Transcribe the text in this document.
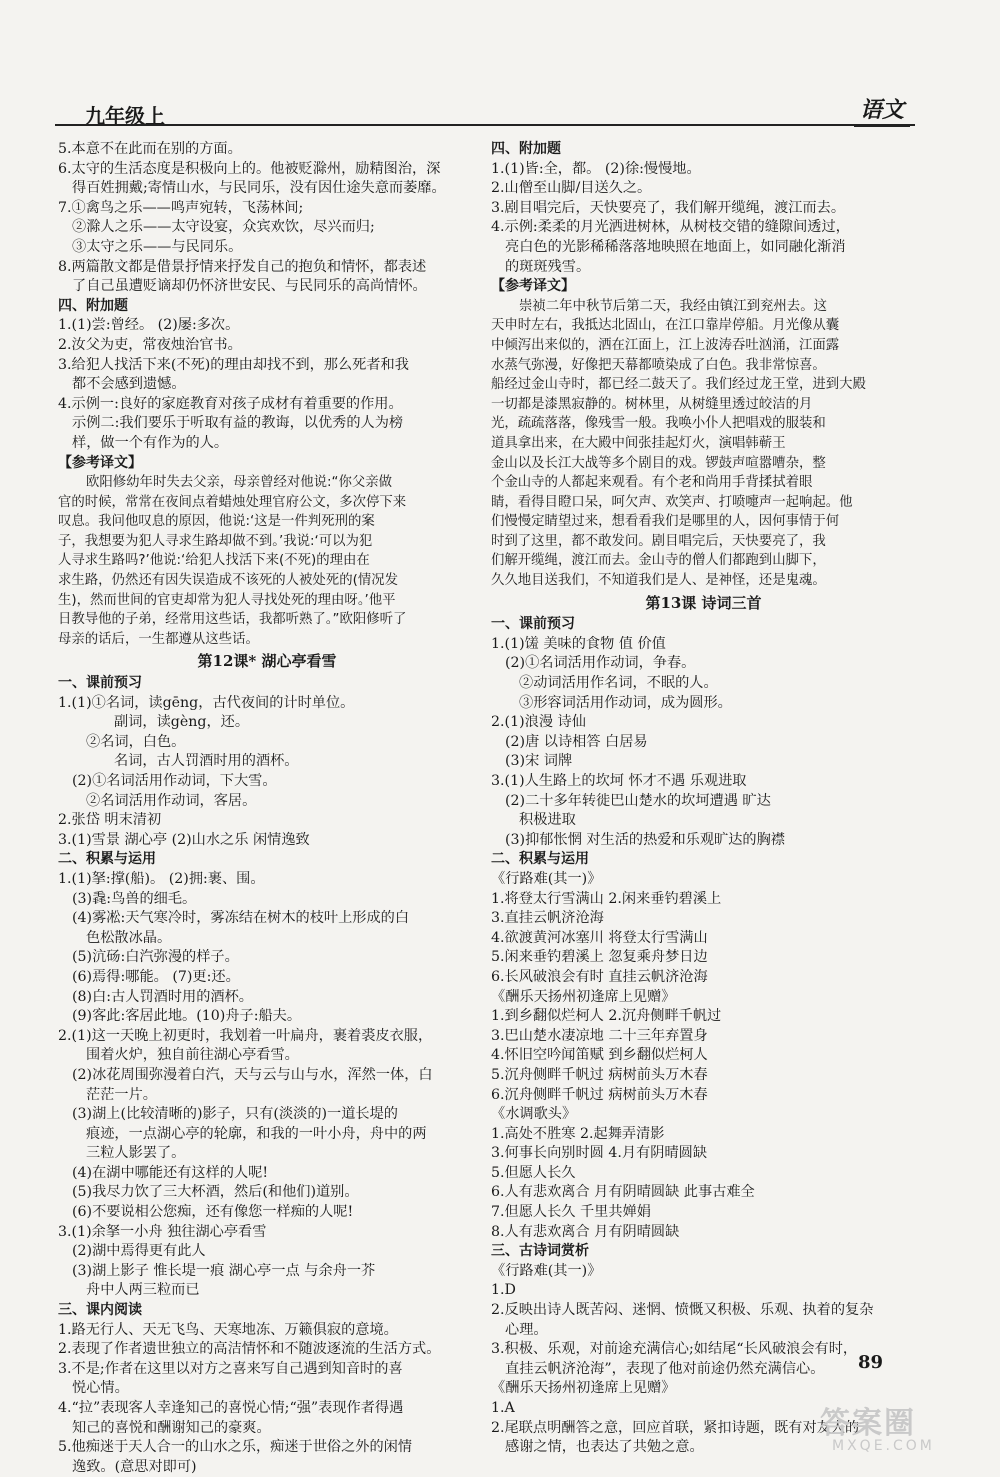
九年级上	语文
5.本意不在此而在别的方面。
6.太守的生活态度是积极向上的。他被贬滁州，励精图治，深
得百姓拥戴;寄情山水，与民同乐，没有因仕途失意而萎靡。
7.①禽鸟之乐——鸣声宛转，飞荡林间;
②滁人之乐——太守设宴，众宾欢饮，尽兴而归;
③太守之乐——与民同乐。
8.两篇散文都是借景抒情来抒发自己的抱负和情怀，都表述
了自己虽遭贬谪却仍怀济世安民、与民同乐的高尚情怀。
四、附加题
1.(1)尝:曾经。 (2)屡:多次。
2.汝父为吏，常夜烛治官书。
3.给犯人找活下来(不死)的理由却找不到，那么死者和我
都不会感到遗憾。
4.示例一:良好的家庭教育对孩子成材有着重要的作用。
示例二:我们要乐于听取有益的教诲，以优秀的人为榜
样，做一个有作为的人。
【参考译文】
欧阳修幼年时失去父亲，母亲曾经对他说:“你父亲做
官的时候，常常在夜间点着蜡烛处理官府公文，多次停下来
叹息。我问他叹息的原因，他说:‘这是一件判死刑的案
子，我想要为犯人寻求生路却做不到。’我说:‘可以为犯
人寻求生路吗?’他说:‘给犯人找活下来(不死)的理由在
求生路，仍然还有因失误造成不该死的人被处死的(情况发
生)，然而世间的官吏却常为犯人寻找处死的理由呀。’他平
日教导他的子弟，经常用这些话，我都听熟了。”欧阳修听了
母亲的话后，一生都遵从这些话。
第12课* 湖心亭看雪
一、课前预习
1.(1)①名词，读gēng，古代夜间的计时单位。
副词，读gèng，还。
②名词，白色。
名词，古人罚酒时用的酒杯。
(2)①名词活用作动词，下大雪。
②名词活用作动词，客居。
2.张岱 明末清初
3.(1)雪景 湖心亭 (2)山水之乐 闲情逸致
二、积累与运用
1.(1)拏:撑(船)。 (2)拥:裹、围。
(3)毳:鸟兽的细毛。
(4)雾凇:天气寒冷时，雾冻结在树木的枝叶上形成的白
色松散冰晶。
(5)沆砀:白汽弥漫的样子。
(6)焉得:哪能。 (7)更:还。
(8)白:古人罚酒时用的酒杯。
(9)客此:客居此地。(10)舟子:船夫。
2.(1)这一天晚上初更时，我划着一叶扁舟，裹着裘皮衣服，
围着火炉，独自前往湖心亭看雪。
(2)冰花周围弥漫着白汽，天与云与山与水，浑然一体，白
茫茫一片。
(3)湖上(比较清晰的)影子，只有(淡淡的)一道长堤的
痕迹，一点湖心亭的轮廓，和我的一叶小舟，舟中的两
三粒人影罢了。
(4)在湖中哪能还有这样的人呢!
(5)我尽力饮了三大杯酒，然后(和他们)道别。
(6)不要说相公您痴，还有像您一样痴的人呢!
3.(1)余拏一小舟 独往湖心亭看雪
(2)湖中焉得更有此人
(3)湖上影子 惟长堤一痕 湖心亭一点 与余舟一芥
舟中人两三粒而已
三、课内阅读
1.路无行人、天无飞鸟、天寒地冻、万籁俱寂的意境。
2.表现了作者遗世独立的高洁情怀和不随波逐流的生活方式。
3.不是;作者在这里以对方之喜来写自己遇到知音时的喜
悦心情。
4.“拉”表现客人幸逢知己的喜悦心情;“强”表现作者得遇
知己的喜悦和酬谢知己的豪爽。
5.他痴迷于天人合一的山水之乐，痴迷于世俗之外的闲情
逸致。(意思对即可)
四、附加题
1.(1)皆:全，都。 (2)徐:慢慢地。
2.山僧至山脚/目送久之。
3.剧目唱完后，天快要亮了，我们解开缆绳，渡江而去。
4.示例:柔柔的月光洒进树林，从树枝交错的缝隙间透过，
亮白色的光影稀稀落落地映照在地面上，如同融化渐消
的斑斑残雪。
【参考译文】
崇祯二年中秋节后第二天，我经由镇江到兖州去。这
天申时左右，我抵达北固山，在江口靠岸停船。月光像从囊
中倾泻出来似的，洒在江面上，江上波涛吞吐汹涌，江面露
水蒸气弥漫，好像把天幕都喷染成了白色。我非常惊喜。
船经过金山寺时，都已经二鼓天了。我们经过龙王堂，进到大殿
一切都是漆黑寂静的。树林里，从树缝里透过皎洁的月
光，疏疏落落，像残雪一般。我唤小仆人把唱戏的服装和
道具拿出来，在大殿中间张挂起灯火，演唱韩蕲王
金山以及长江大战等多个剧目的戏。锣鼓声喧嚣嘈杂，整
个金山寺的人都起来观看。有个老和尚用手背揉拭着眼
睛，看得目瞪口呆，呵欠声、欢笑声、打喷嚏声一起响起。他
们慢慢定睛望过来，想看看我们是哪里的人，因何事情于何
时到了这里，都不敢发问。剧目唱完后，天快要亮了，我
们解开缆绳，渡江而去。金山寺的僧人们都跑到山脚下，
久久地目送我们，不知道我们是人、是神怪，还是鬼魂。
第13课 诗词三首
一、课前预习
1.(1)馐 美味的食物 值 价值
(2)①名词活用作动词，争春。
②动词活用作名词，不眠的人。
③形容词活用作动词，成为圆形。
2.(1)浪漫 诗仙
(2)唐 以诗相答 白居易
(3)宋 词牌
3.(1)人生路上的坎坷 怀才不遇 乐观进取
(2)二十多年转徙巴山楚水的坎坷遭遇 旷达
积极进取
(3)抑郁怅惘 对生活的热爱和乐观旷达的胸襟
二、积累与运用
《行路难(其一)》
1.将登太行雪满山 2.闲来垂钓碧溪上
3.直挂云帆济沧海
4.欲渡黄河冰塞川 将登太行雪满山
5.闲来垂钓碧溪上 忽复乘舟梦日边
6.长风破浪会有时 直挂云帆济沧海
《酬乐天扬州初逢席上见赠》
1.到乡翻似烂柯人 2.沉舟侧畔千帆过
3.巴山楚水凄凉地 二十三年弃置身
4.怀旧空吟闻笛赋 到乡翻似烂柯人
5.沉舟侧畔千帆过 病树前头万木春
6.沉舟侧畔千帆过 病树前头万木春
《水调歌头》
1.高处不胜寒 2.起舞弄清影
3.何事长向别时圆 4.月有阴晴圆缺
5.但愿人长久
6.人有悲欢离合 月有阴晴圆缺 此事古难全
7.但愿人长久 千里共婵娟
8.人有悲欢离合 月有阴晴圆缺
三、古诗词赏析
《行路难(其一)》
1.D
2.反映出诗人既苦闷、迷惘、愤慨又积极、乐观、执着的复杂
心理。
3.积极、乐观，对前途充满信心;如结尾“长风破浪会有时，
直挂云帆济沧海”，表现了他对前途仍然充满信心。
《酬乐天扬州初逢席上见赠》
1.A
2.尾联点明酬答之意，回应首联，紧扣诗题，既有对友人的
感谢之情，也表达了共勉之意。
89
答案圈
MXQE.COM
